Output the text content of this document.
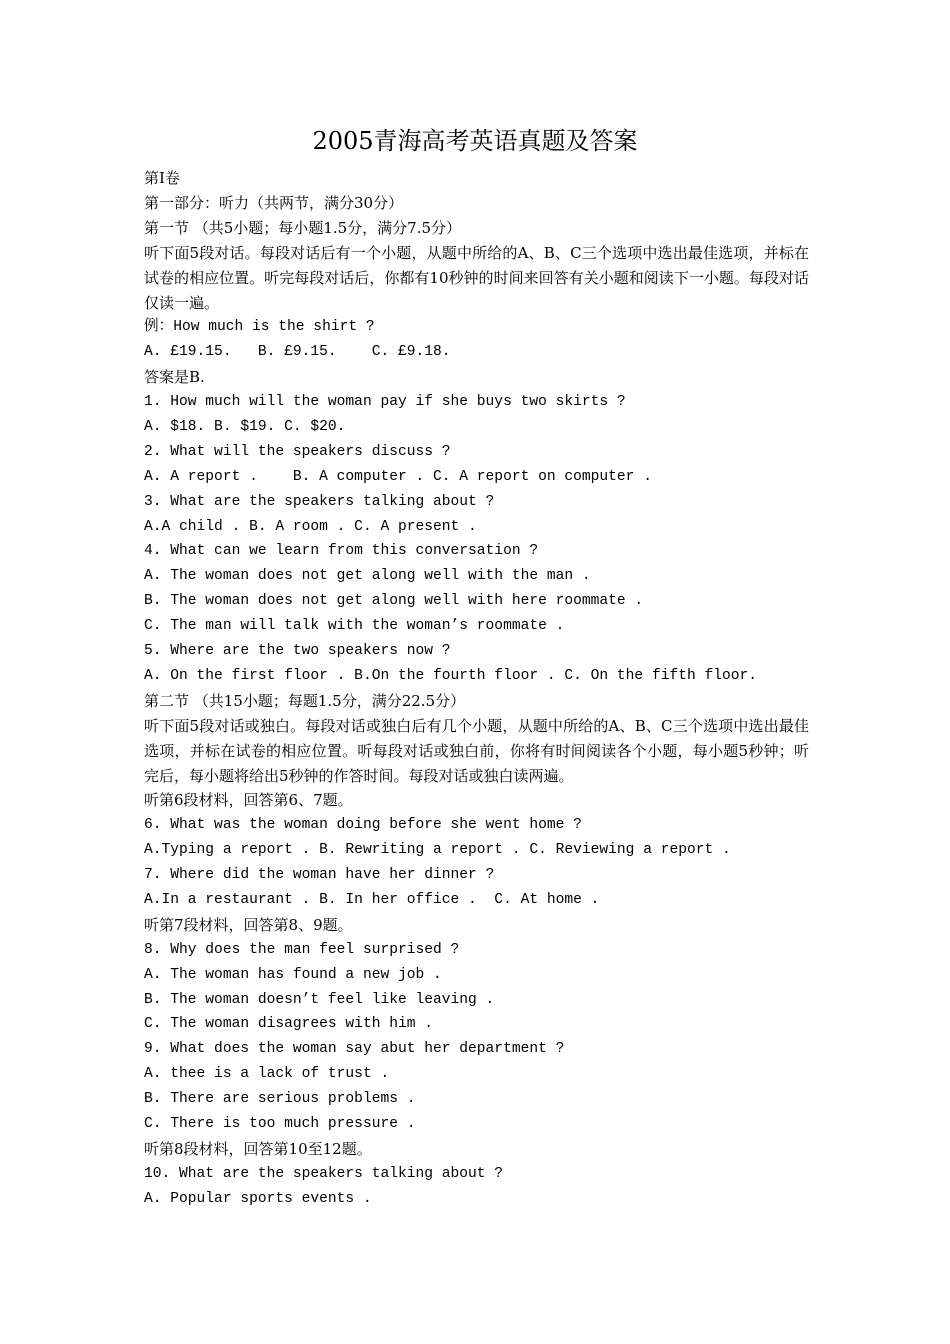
2005青海高考英语真题及答案

第Ⅰ卷

第一部分：听力（共两节，满分30分）

第一节 （共5小题；每小题1.5分，满分7.5分）

听下面5段对话。每段对话后有一个小题，从题中所给的A、B、C三个选项中选出最佳选项，并标在试卷的相应位置。听完每段对话后，你都有10秒钟的时间来回答有关小题和阅读下一小题。每段对话仅读一遍。

例：How much is the shirt ?

A. £19.15.   B. £9.15.    C. £9.18.

答案是B.

1. How much will the woman pay if she buys two skirts ?

A. $18. B. $19. C. $20.

2. What will the speakers discuss ?

A. A report .    B. A computer . C. A report on computer .

3. What are the speakers talking about ?

A.A child . B. A room . C. A present .

4. What can we learn from this conversation ?

A. The woman does not get along well with the man .

B. The woman does not get along well with here roommate .

C. The man will talk with the woman’s roommate .

5. Where are the two speakers now ?

A. On the first floor . B.On the fourth floor . C. On the fifth floor.

第二节 （共15小题；每题1.5分，满分22.5分）

听下面5段对话或独白。每段对话或独白后有几个小题，从题中所给的A、B、C三个选项中选出最佳选项，并标在试卷的相应位置。听每段对话或独白前，你将有时间阅读各个小题，每小题5秒钟；听完后，每小题将给出5秒钟的作答时间。每段对话或独白读两遍。

听第6段材料，回答第6、7题。

6. What was the woman doing before she went home ?

A.Typing a report . B. Rewriting a report . C. Reviewing a report .

7. Where did the woman have her dinner ?

A.In a restaurant . B. In her office .  C. At home .

听第7段材料，回答第8、9题。

8. Why does the man feel surprised ?

A. The woman has found a new job .

B. The woman doesn’t feel like leaving .

C. The woman disagrees with him .

9. What does the woman say abut her department ?

A. thee is a lack of trust .

B. There are serious problems .

C. There is too much pressure .

听第8段材料，回答第10至12题。

10. What are the speakers talking about ?

A. Popular sports events .
